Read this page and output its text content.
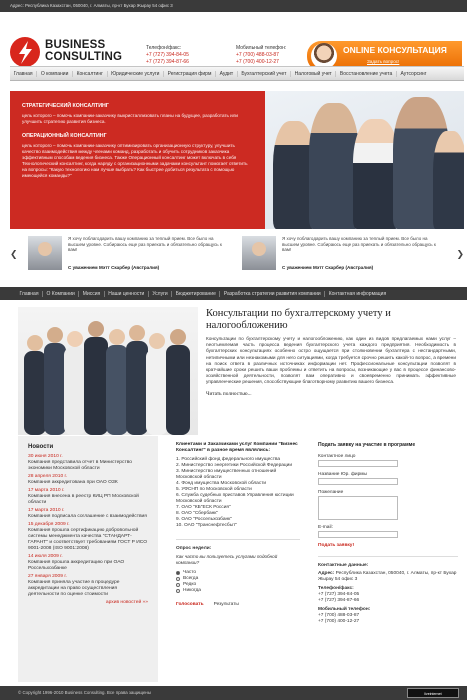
Адрес: Республика Казахстан, 050040, г. Алматы, пр-кт Бухар Жырау 54 офис 3
BUSINESS
CONSULTING
Телефон/факс:
+7 (727) 394-84-05
+7 (727) 394-87-66
Мобильный телефон:
+7 (700) 488-03-87
+7 (700) 400-12-27
ONLINE КОНСУЛЬТАЦИЯ
Задать вопрос!
Главная	О компании	Консалтинг	Юридические услуги	Регистрация фирм	Аудит	Бухгалтерский учет	Налоговый учет	Восстановление учета	Аутсорсинг
СТРАТЕГИЧЕСКИЙ КОНСАЛТИНГ

цель которого – помочь компании-заказчику выкристаллизовать планы на будущее, разработать или улучшить стратегию развития бизнеса.

ОПЕРАЦИОННЫЙ КОНСАЛТИНГ

цель которого – помочь компании-заказчику оптимизировать организационную структуру, улучшить качество взаимодействия между членами команд, разработать и обучить сотрудников заказчика эффективным способам ведения бизнеса. Также Операционный консалтинг может включать в себя Технологический консалтинг, когда наряду с организационными задачами консультант помогает ответить на вопросы: "Какую технологию нам лучше выбрать? Как быстрее добиться результата с помощью имеющейся команды?"

❮
Я хочу поблагодарить вашу компанию за теплый прием. Все было на высшем уровне. Собираюсь еще раз приехать и обязательно обращусь к вам!
С уважением Мэтт Скарбер (Австралия)
Я хочу поблагодарить вашу компанию за теплый прием. Все было на высшем уровне. Собираюсь еще раз приехать и обязательно обращусь к вам!
С уважением Мэтт Скарбер (Австралия)
❯
Главная	О Компании	Миссия	Наши ценности	Услуги	Бюджетирование	Разработка стратегии развития компании	Контактная информация
Консультации по бухгалтерскому учету и налогообложению

Консультации по бухгалтерскому учету и налогообложению, как один из видов предлагаемых нами услуг – neотъемлемая часть процесса ведения бухгалтерского учета каждого предприятия. Необходимость в бухгалтерских консультациях особенно остро ощущается при столкновении бухгалтера с нестандартными, нетипичными или незнакомыми для него ситуациями, когда требуется срочно решить какой-то вопрос, а времени на поиск ответа в различных источниках информации нет. Профессиональные консультации позволят в кратчайшие сроки решить ваши проблемы и ответить на вопросы, возникающие у вас в процессе финансово-хозяйственной деятельности, позволят вам оперативно и своевременно принимать эффективные управленческие решения, способствующие благотворному развитию вашего бизнеса.

Читать полностью...
Новости
30 июня 2010 г.
Компания представила отчет в Министерство экономики Московской области
28 апреля 2010 г.
Компания аккредитована при ОАО ОЗК
17 марта 2010 г.
Компания внесена в реестр КИЦ РП Московской области
17 марта 2010 г.
Компания подписала соглашение с взаимодействия
15 декабря 2009 г.
Компания прошла сертификацию добровольной системы менеджмента качества "СТАНДАРТ-ГАРАНТ" и соответствует требованиям ГОСТ Р ИСО 9001-2008 (ISO 9001:2008)
14 июля 2009 г.
Компания прошла аккредитацию при ОАО Россельхозбанке
27 января 2009 г.
Компания приняла участие в процедуре аккредитации на право осуществления деятельности по оценке стоимости
архив новостей »»
Клиентами и Заказчиками услуг Компании "Бизнес Консалтинг" в разное время являлись:
1. Российский фонд федерального имущества
2. Министерство энергетики Российской Федерации
3. Министерство имущественных отношений Московской области
4. Фонд имущества Московской области
5. УФСНП по Московской области
6. Служба судебных приставов Управления юстиции Московской области
7. ОАО "КБ"ЕСК Россия"
8. ОАО "Сбербанк"
9. ОАО "Россельхозбанк"
10. ОАО "Транснефтесбыт"
Опрос недели:
Как часто вы пользуетесь услугами подобной компании?
Часто
Всегда
Редко
Никогда
Голосовать Результаты
Подать заявку на участие в программе
Контактное лицо
Название Юр. фирмы
Пожелание
E-mail:
Подать заявку!
Контактные данные:
Адрес: Республика Казахстан, 050040, г. Алматы, пр-кт Бухар Жырау 54 офис 3
Телефон/факс:
+7 (727) 394-84-05
+7 (727) 394-87-66
Мобильный телефон:
+7 (700) 488-03-87
+7 (700) 400-12-27
© Copyright 1996-2010 Business Consulting. Все права защищены	liveinternet
